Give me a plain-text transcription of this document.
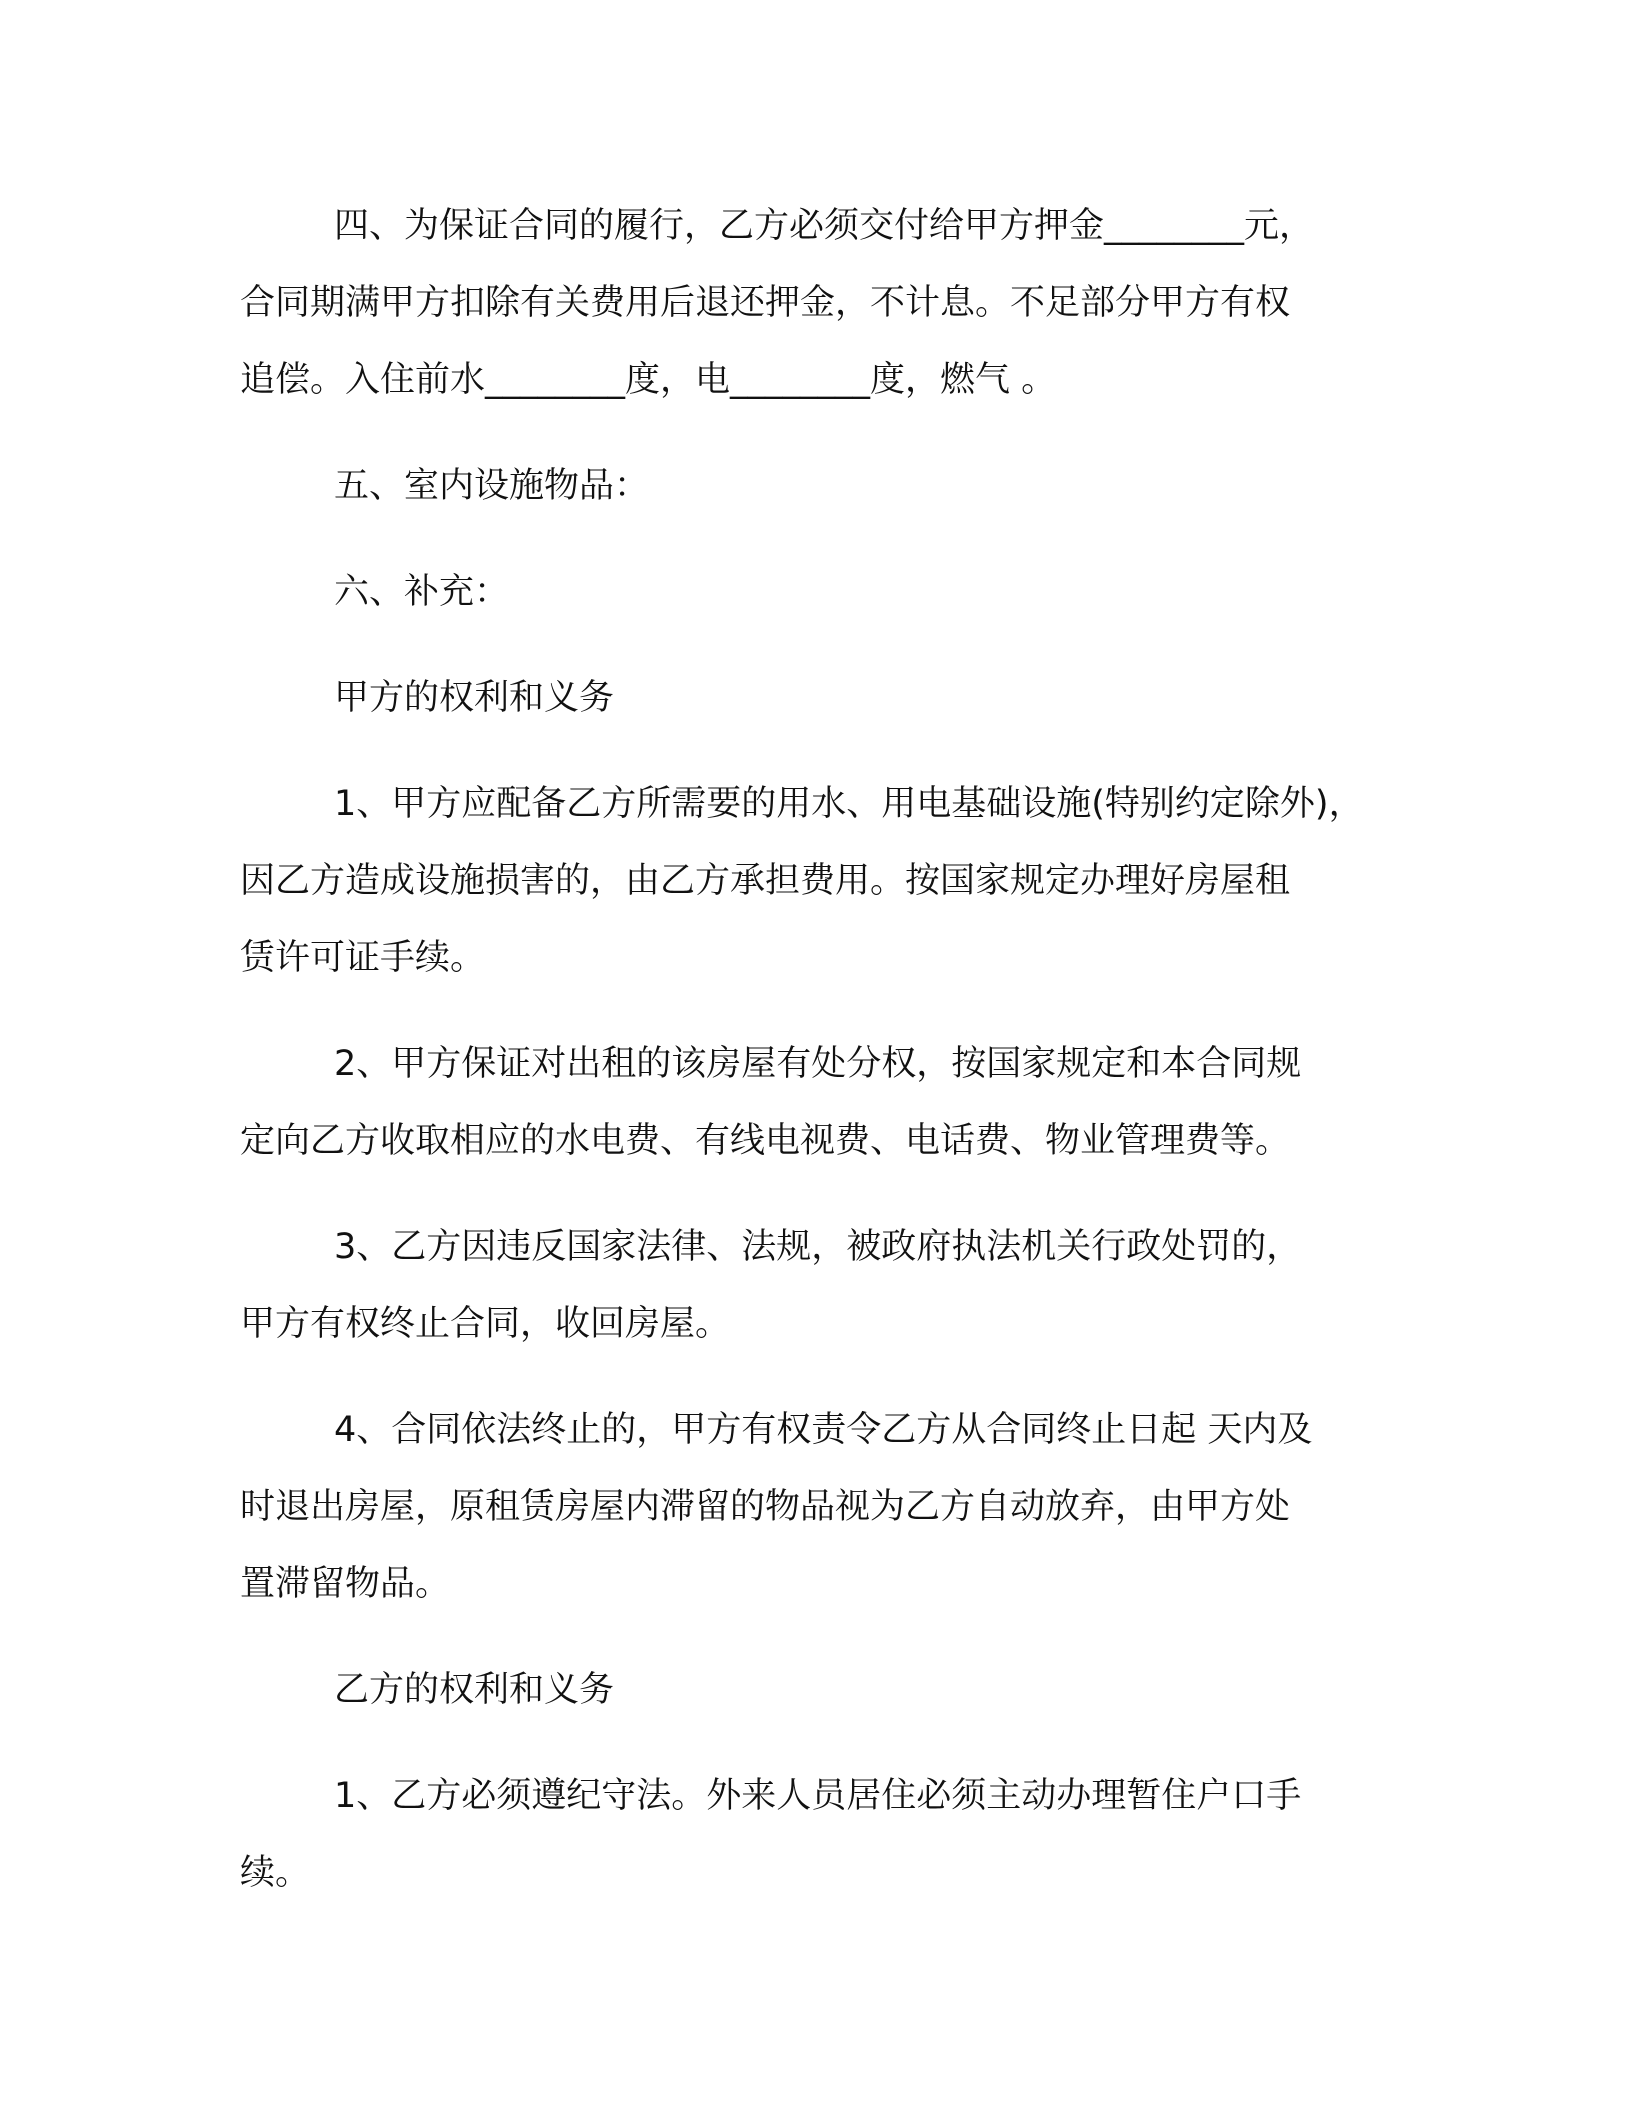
四、为保证合同的履行，乙方必须交付给甲方押金________元，
合同期满甲方扣除有关费用后退还押金，不计息。不足部分甲方有权
追偿。入住前水________度，电________度，燃气 。
五、室内设施物品：
六、补充：
甲方的权利和义务
1、甲方应配备乙方所需要的用水、用电基础设施(特别约定除外)，
因乙方造成设施损害的，由乙方承担费用。按国家规定办理好房屋租
赁许可证手续。
2、甲方保证对出租的该房屋有处分权，按国家规定和本合同规
定向乙方收取相应的水电费、有线电视费、电话费、物业管理费等。
3、乙方因违反国家法律、法规，被政府执法机关行政处罚的，
甲方有权终止合同，收回房屋。
4、合同依法终止的，甲方有权责令乙方从合同终止日起 天内及
时退出房屋，原租赁房屋内滞留的物品视为乙方自动放弃，由甲方处
置滞留物品。
乙方的权利和义务
1、乙方必须遵纪守法。外来人员居住必须主动办理暂住户口手
续。
